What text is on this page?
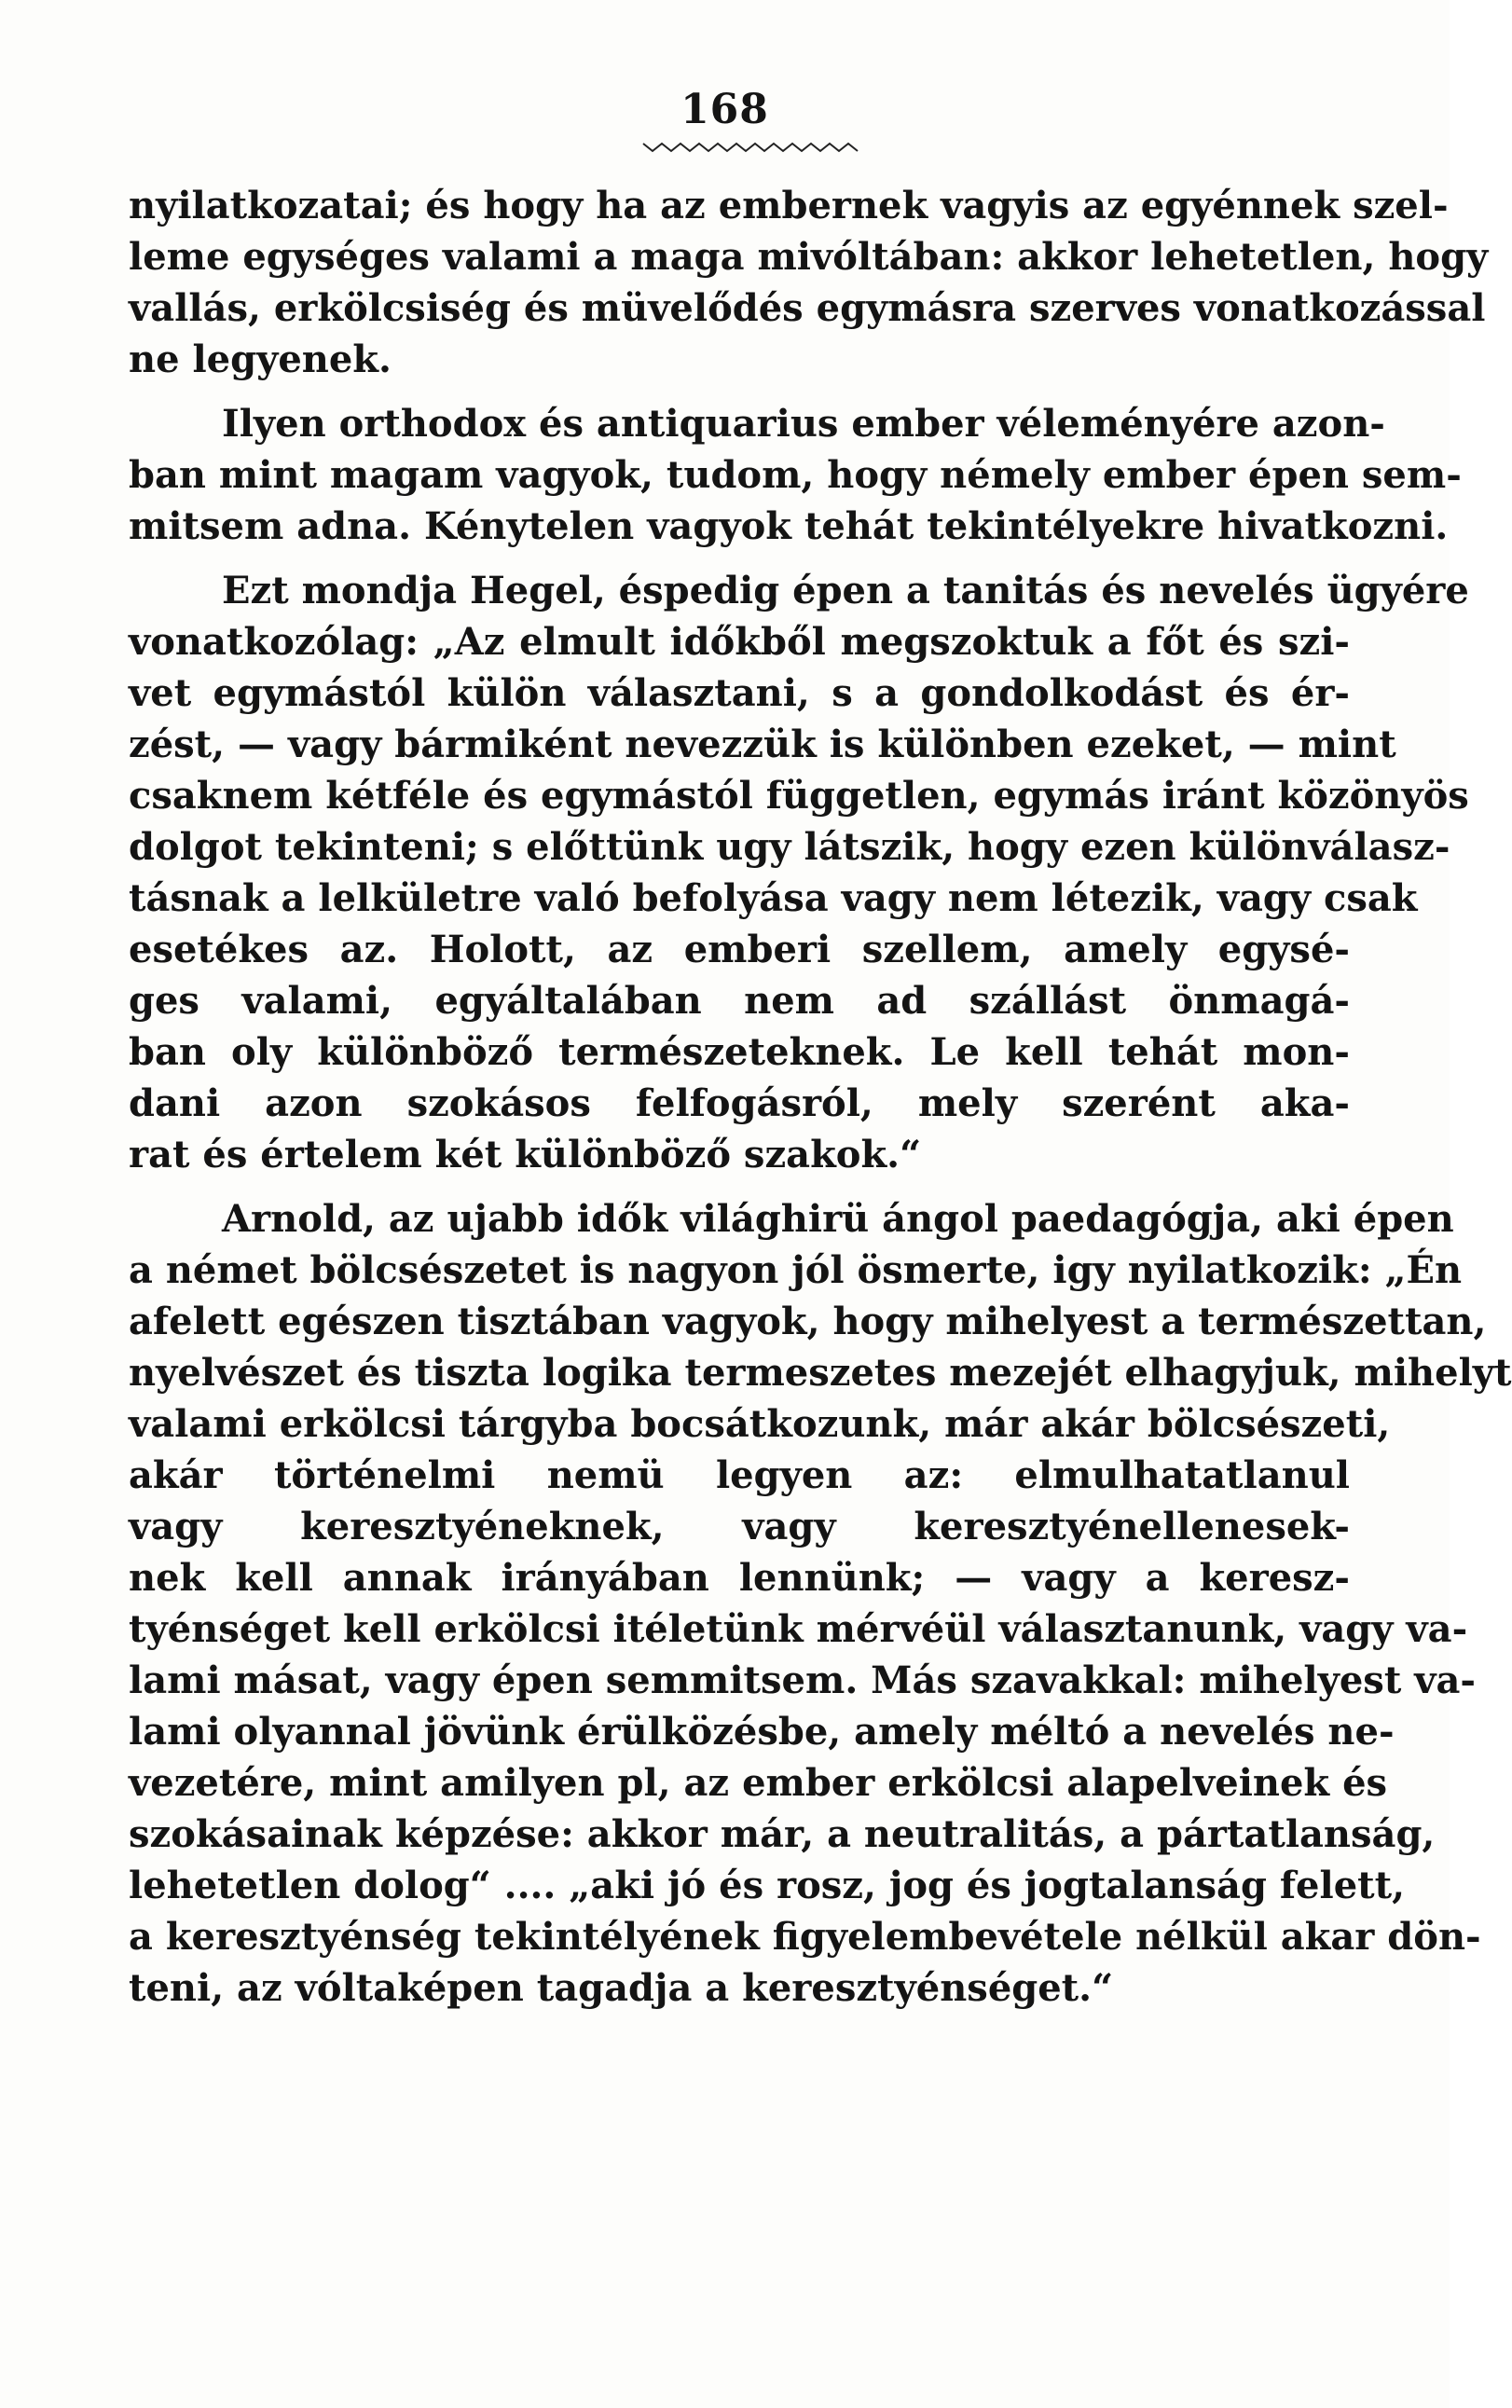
168
nyilatkozatai; és hogy ha az embernek vagyis az egyénnek szel-
leme egységes valami a maga mivóltában: akkor lehetetlen, hogy
vallás, erkölcsiség és müvelődés egymásra szerves vonatkozással
ne legyenek.
Ilyen orthodox és antiquarius ember véleményére azon-
ban mint magam vagyok, tudom, hogy némely ember épen sem-
mitsem adna. Kénytelen vagyok tehát tekintélyekre hivatkozni.
Ezt mondja Hegel, éspedig épen a tanitás és nevelés ügyére
vonatkozólag: „Az elmult időkből megszoktuk a főt és szi-
vet egymástól külön választani, s a gondolkodást és ér-
zést, — vagy bármiként nevezzük is különben ezeket, — mint
csaknem kétféle és egymástól független, egymás iránt közönyös
dolgot tekinteni; s előttünk ugy látszik, hogy ezen különválasz-
tásnak a lelkületre való befolyása vagy nem létezik, vagy csak
esetékes az. Holott, az emberi szellem, amely egysé-
ges valami, egyáltalában nem ad szállást önmagá-
ban oly különböző természeteknek. Le kell tehát mon-
dani azon szokásos felfogásról, mely szerént aka-
rat és értelem két különböző szakok.“
Arnold, az ujabb idők világhirü ángol paedagógja, aki épen
a német bölcsészetet is nagyon jól ösmerte, igy nyilatkozik: „Én
afelett egészen tisztában vagyok, hogy mihelyest a természettan,
nyelvészet és tiszta logika termeszetes mezejét elhagyjuk, mihelyt
valami erkölcsi tárgyba bocsátkozunk, már akár bölcsészeti,
akár történelmi nemü legyen az: elmulhatatlanul
vagy keresztyéneknek, vagy keresztyénellenesek-
nek kell annak irányában lennünk; — vagy a keresz-
tyénséget kell erkölcsi itéletünk mérvéül választanunk, vagy va-
lami másat, vagy épen semmitsem. Más szavakkal: mihelyest va-
lami olyannal jövünk érülközésbe, amely méltó a nevelés ne-
vezetére, mint amilyen pl, az ember erkölcsi alapelveinek és
szokásainak képzése: akkor már, a neutralitás, a pártatlanság,
lehetetlen dolog“ .... „aki jó és rosz, jog és jogtalanság felett,
a keresztyénség tekintélyének figyelembevétele nélkül akar dön-
teni, az vóltaképen tagadja a keresztyénséget.“
